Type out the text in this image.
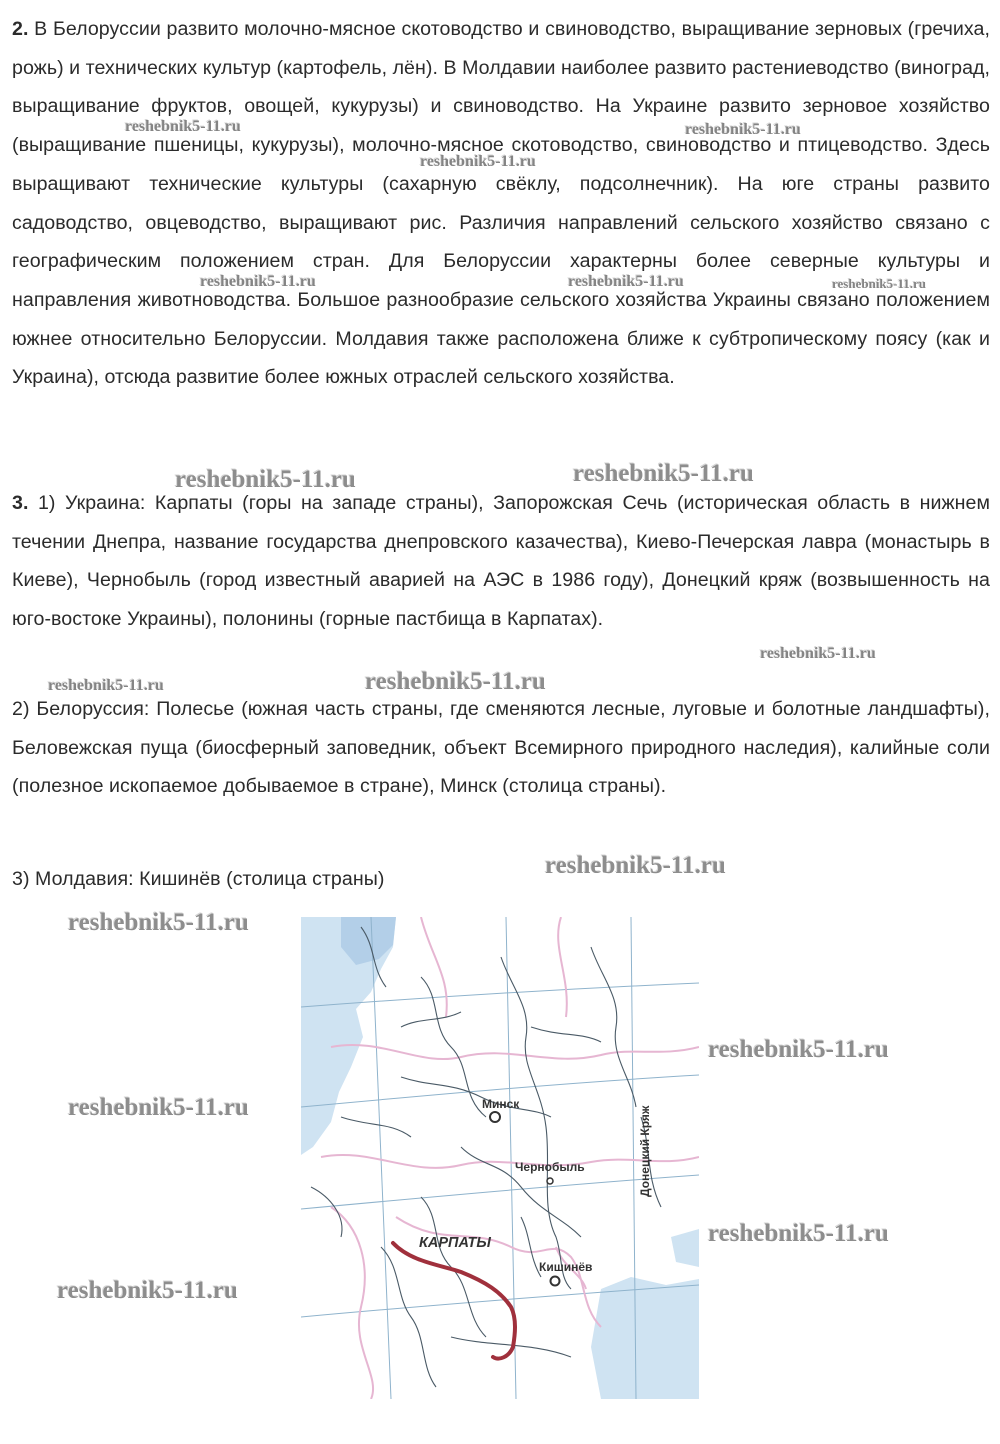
2. В Белоруссии развито молочно-мясное скотоводство и свиноводство, выращивание зерновых (гречиха, рожь) и технических культур (картофель, лён). В Молдавии наиболее развито растениеводство (виноград, выращивание фруктов, овощей, кукурузы) и свиноводство. На Украине развито зерновое хозяйство (выращивание пшеницы, кукурузы), молочно-мясное скотоводство, свиноводство и птицеводство. Здесь выращивают технические культуры (сахарную свёклу, подсолнечник). На юге страны развито садоводство, овцеводство, выращивают рис. Различия направлений сельского хозяйство связано с географическим положением стран. Для Белоруссии характерны более северные культуры и направления животноводства. Большое разнообразие сельского хозяйства Украины связано положением южнее относительно Белоруссии. Молдавия также расположена ближе к субтропическому поясу (как и Украина), отсюда развитие более южных отраслей сельского хозяйства.

3. 1) Украина: Карпаты (горы на западе страны), Запорожская Сечь (историческая область в нижнем течении Днепра, название государства днепровского казачества), Киево-Печерская лавра (монастырь в Киеве), Чернобыль (город известный аварией на АЭС в 1986 году), Донецкий кряж (возвышенность на юго-востоке Украины), полонины (горные пастбища в Карпатах).

2) Белоруссия: Полесье (южная часть страны, где сменяются лесные, луговые и болотные ландшафты), Беловежская пуща (биосферный заповедник, объект Всемирного природного наследия), калийные соли (полезное ископаемое добываемое в стране), Минск (столица страны).

3) Молдавия: Кишинёв (столица страны)

reshebnik5-11.ru	reshebnik5-11.ru
reshebnik5-11.ru
reshebnik5-11.ru	reshebnik5-11.ru	reshebnik5-11.ru
reshebnik5-11.ru	reshebnik5-11.ru
reshebnik5-11.ru
reshebnik5-11.ru	reshebnik5-11.ru
reshebnik5-11.ru
reshebnik5-11.ru
reshebnik5-11.ru
reshebnik5-11.ru
reshebnik5-11.ru
reshebnik5-11.ru
Минск
Чернобыль
КАРПАТЫ
Кишинёв
Донецкий Кряж
